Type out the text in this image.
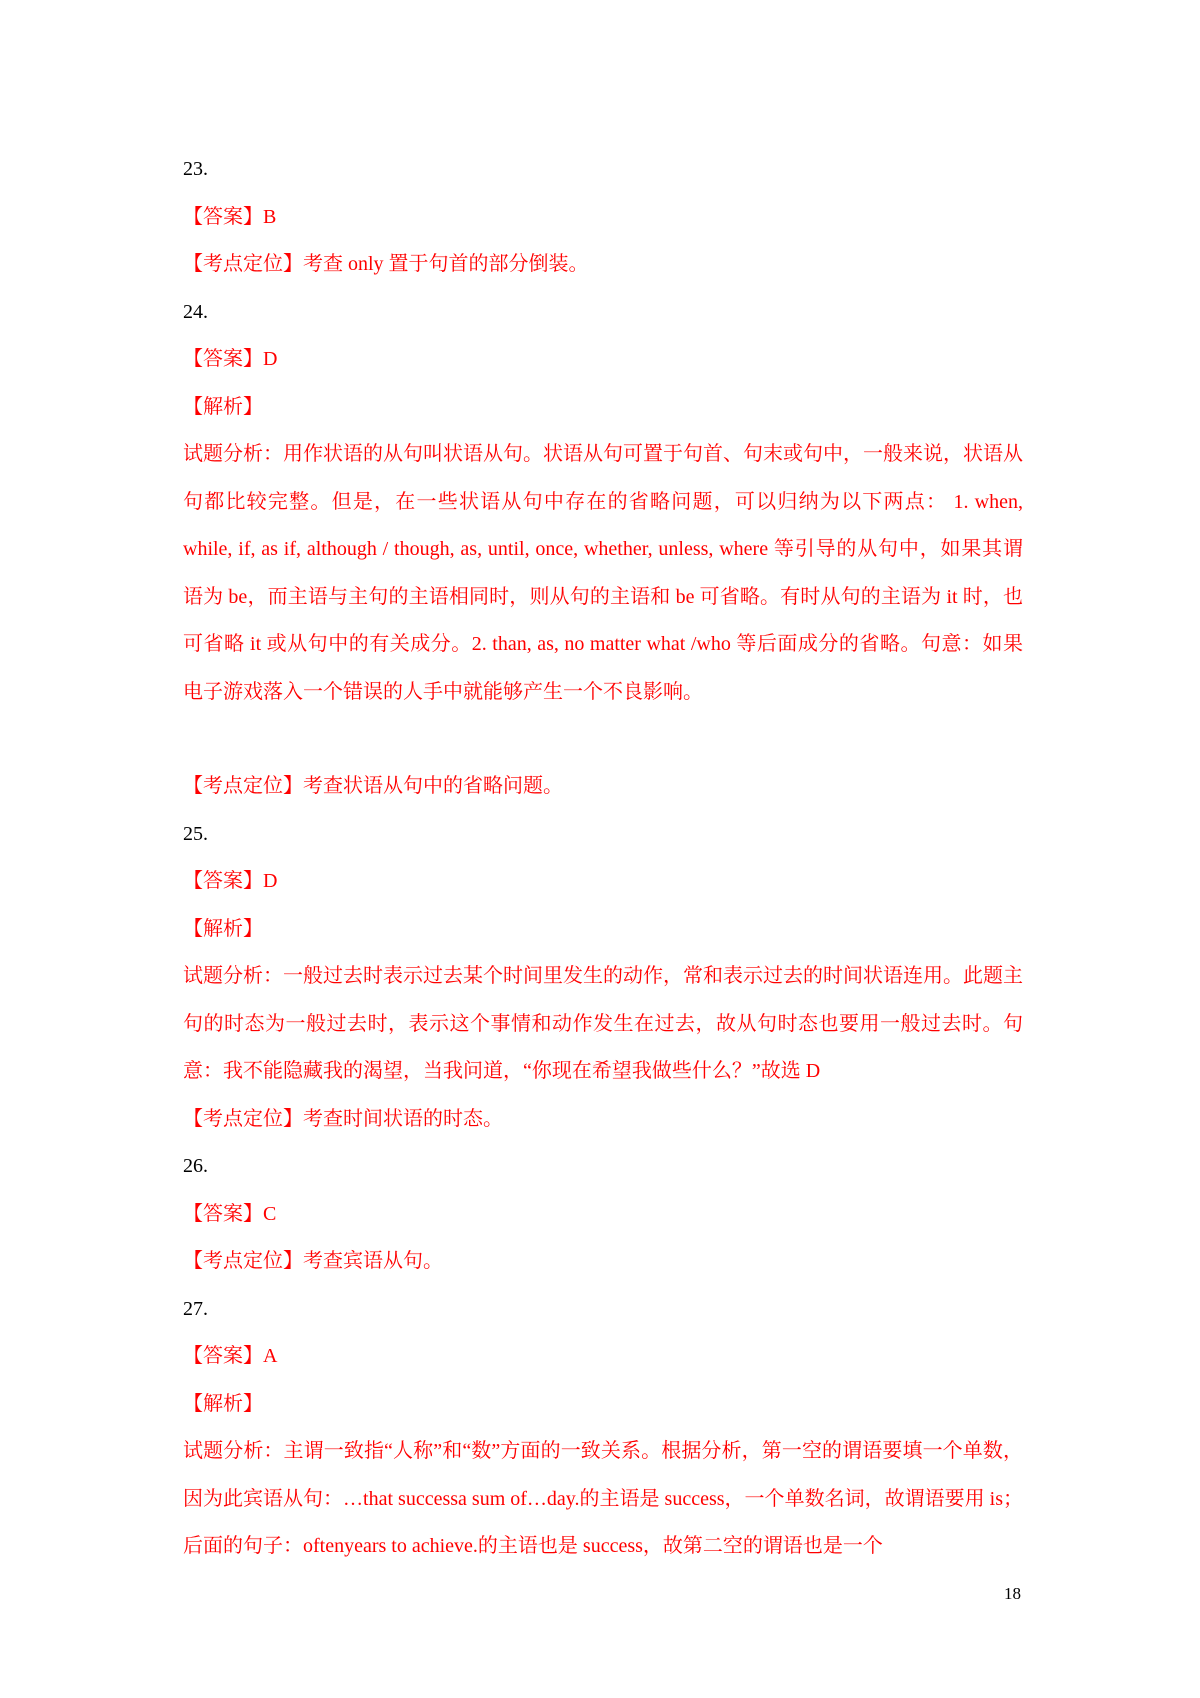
23.
【答案】B
【考点定位】考查 only 置于句首的部分倒装。
24.
【答案】D
【解析】

试题分析：用作状语的从句叫状语从句。状语从句可置于句首、句末或句中，一般来说，状语从句都比较完整。但是，在一些状语从句中存在的省略问题，可以归纳为以下两点： 1. when, while, if, as if, although / though, as, until, once, whether, unless, where 等引导的从句中，如果其谓语为 be，而主语与主句的主语相同时，则从句的主语和 be 可省略。有时从句的主语为 it 时，也可省略 it 或从句中的有关成分。2. than, as, no matter what /who 等后面成分的省略。句意：如果电子游戏落入一个错误的人手中就能够产生一个不良影响。

【考点定位】考查状语从句中的省略问题。
25.
【答案】D
【解析】

试题分析：一般过去时表示过去某个时间里发生的动作，常和表示过去的时间状语连用。此题主句的时态为一般过去时，表示这个事情和动作发生在过去，故从句时态也要用一般过去时。句意：我不能隐藏我的渴望，当我问道，“你现在希望我做些什么？”故选 D

【考点定位】考查时间状语的时态。
26.
【答案】C
【考点定位】考查宾语从句。
27.
【答案】A
【解析】

试题分析：主谓一致指“人称”和“数”方面的一致关系。根据分析，第一空的谓语要填一个单数，因为此宾语从句：…that successa sum of…day.的主语是 success，一个单数名词，故谓语要用 is；后面的句子：oftenyears to achieve.的主语也是 success，故第二空的谓语也是一个

18
